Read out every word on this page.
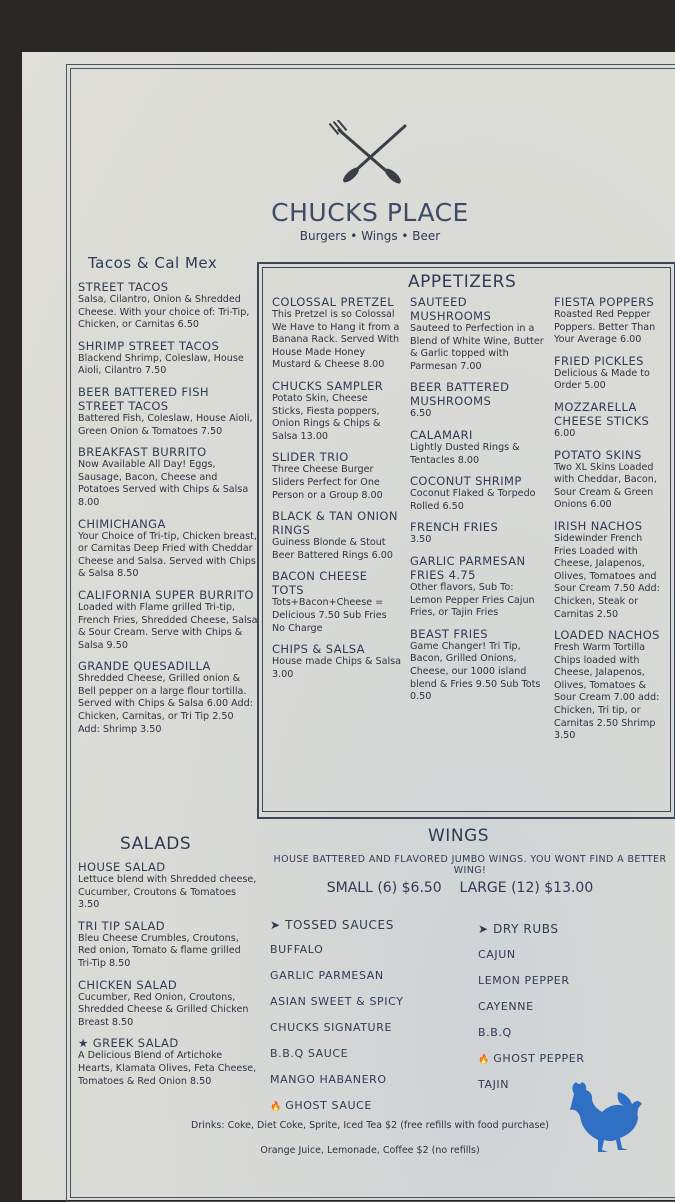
CHUCKS PLACE
Burgers • Wings • Beer
Tacos & Cal Mex
STREET TACOS
Salsa, Cilantro, Onion & Shredded Cheese. With your choice of: Tri-Tip, Chicken, or Carnitas 6.50
SHRIMP STREET TACOS
Blackend Shrimp, Coleslaw, House Aioli, Cilantro 7.50
BEER BATTERED FISH STREET TACOS
Battered Fish, Coleslaw, House Aioli, Green Onion & Tomatoes 7.50
BREAKFAST BURRITO
Now Available All Day! Eggs, Sausage, Bacon, Cheese and Potatoes Served with Chips & Salsa 8.00
CHIMICHANGA
Your Choice of Tri-tip, Chicken breast, or Carnitas Deep Fried with Cheddar Cheese and Salsa. Served with Chips & Salsa 8.50
CALIFORNIA SUPER BURRITO
Loaded with Flame grilled Tri-tip, French Fries, Shredded Cheese, Salsa & Sour Cream. Serve with Chips & Salsa 9.50
GRANDE QUESADILLA
Shredded Cheese, Grilled onion & Bell pepper on a large flour tortilla. Served with Chips & Salsa 6.00 Add: Chicken, Carnitas, or Tri Tip 2.50 Add: Shrimp 3.50
SALADS
HOUSE SALAD
Lettuce blend with Shredded cheese, Cucumber, Croutons & Tomatoes 3.50
TRI TIP SALAD
Bleu Cheese Crumbles, Croutons, Red onion, Tomato & flame grilled Tri-Tip 8.50
CHICKEN SALAD
Cucumber, Red Onion, Croutons, Shredded Cheese & Grilled Chicken Breast 8.50
★ GREEK SALAD
A Delicious Blend of Artichoke Hearts, Klamata Olives, Feta Cheese, Tomatoes & Red Onion 8.50
APPETIZERS
COLOSSAL PRETZEL
This Pretzel is so Colossal We Have to Hang it from a Banana Rack. Served With House Made Honey Mustard & Cheese 8.00
CHUCKS SAMPLER
Potato Skin, Cheese Sticks, Fiesta poppers, Onion Rings & Chips & Salsa 13.00
SLIDER TRIO
Three Cheese Burger Sliders Perfect for One Person or a Group 8.00
BLACK & TAN ONION RINGS
Guiness Blonde & Stout Beer Battered Rings 6.00
BACON CHEESE TOTS
Tots+Bacon+Cheese = Delicious 7.50 Sub Fries No Charge
CHIPS & SALSA
House made Chips & Salsa 3.00
SAUTEED MUSHROOMS
Sauteed to Perfection in a Blend of White Wine, Butter & Garlic topped with Parmesan 7.00
BEER BATTERED MUSHROOMS
6.50
CALAMARI
Lightly Dusted Rings & Tentacles 8.00
COCONUT SHRIMP
Coconut Flaked & Torpedo Rolled 6.50
FRENCH FRIES
3.50
GARLIC PARMESAN FRIES 4.75
Other flavors, Sub To: Lemon Pepper Fries Cajun Fries, or Tajin Fries
BEAST FRIES
Game Changer! Tri Tip, Bacon, Grilled Onions, Cheese, our 1000 island blend & Fries 9.50 Sub Tots 0.50
FIESTA POPPERS
Roasted Red Pepper Poppers. Better Than Your Average 6.00
FRIED PICKLES
Delicious & Made to Order 5.00
MOZZARELLA CHEESE STICKS
6.00
POTATO SKINS
Two XL Skins Loaded with Cheddar, Bacon, Sour Cream & Green Onions 6.00
IRISH NACHOS
Sidewinder French Fries Loaded with Cheese, Jalapenos, Olives, Tomatoes and Sour Cream 7.50 Add: Chicken, Steak or Carnitas 2.50
LOADED NACHOS
Fresh Warm Tortilla Chips loaded with Cheese, Jalapenos, Olives, Tomatoes & Sour Cream 7.00 add: Chicken, Tri tip, or Carnitas 2.50 Shrimp 3.50
WINGS
HOUSE BATTERED AND FLAVORED JUMBO WINGS. YOU WONT FIND A BETTER WING!
SMALL (6) $6.50    LARGE (12) $13.00
➤ TOSSED SAUCES
BUFFALO
GARLIC PARMESAN
ASIAN SWEET & SPICY
CHUCKS SIGNATURE
B.B.Q SAUCE
MANGO HABANERO
🔥 GHOST SAUCE
➤ DRY RUBS
CAJUN
LEMON PEPPER
CAYENNE
B.B.Q
🔥 GHOST PEPPER
TAJIN
Drinks: Coke, Diet Coke, Sprite, Iced Tea $2 (free refills with food purchase)
Orange Juice, Lemonade, Coffee $2 (no refills)
